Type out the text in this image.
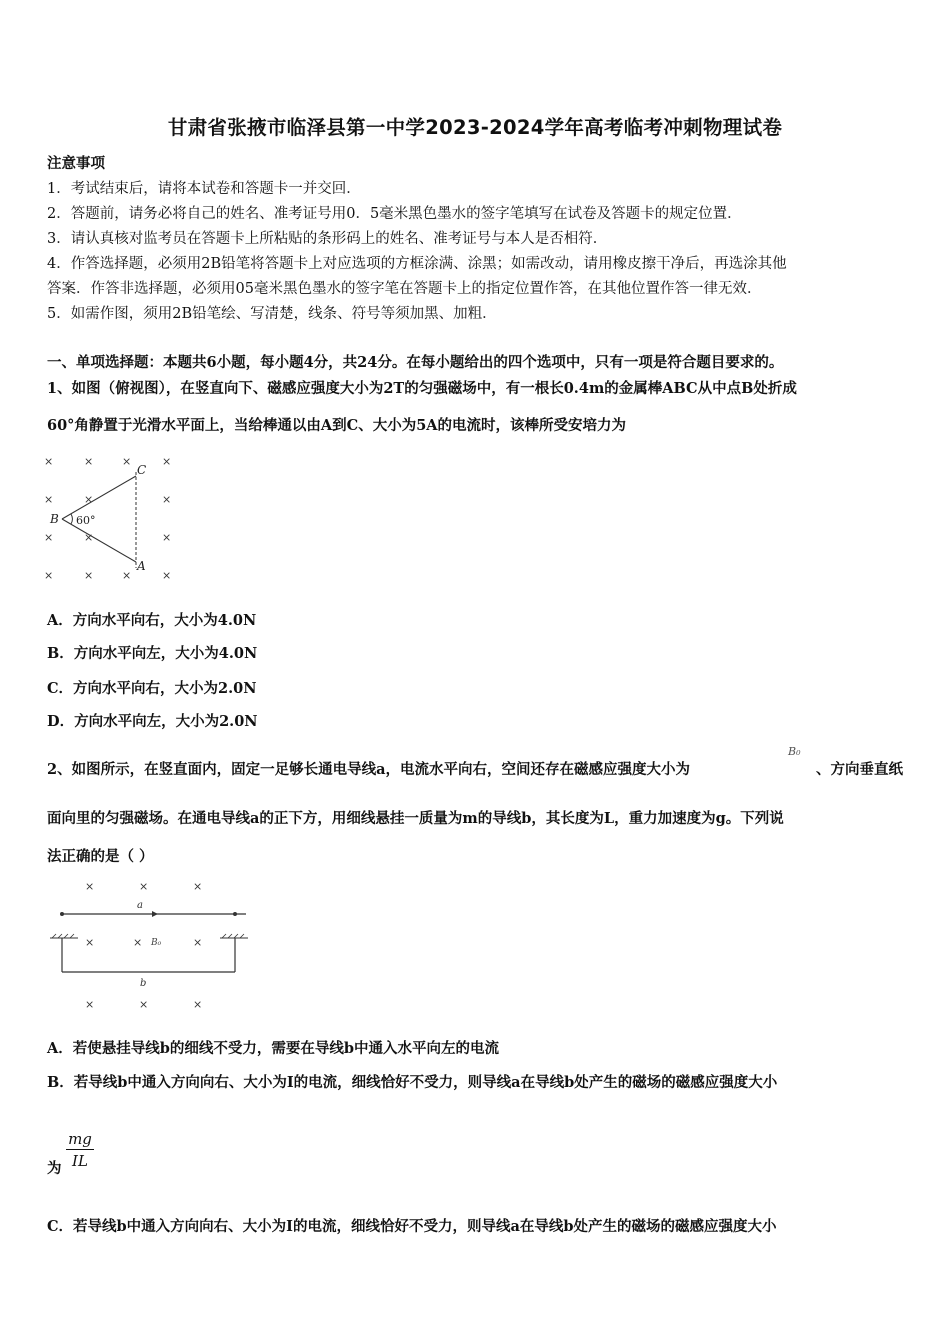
甘肃省张掖市临泽县第一中学2023-2024学年高考临考冲刺物理试卷
注意事项
1．考试结束后，请将本试卷和答题卡一并交回．
2．答题前，请务必将自己的姓名、准考证号用0．5毫米黑色墨水的签字笔填写在试卷及答题卡的规定位置．
3．请认真核对监考员在答题卡上所粘贴的条形码上的姓名、准考证号与本人是否相符．
4．作答选择题，必须用2B铅笔将答题卡上对应选项的方框涂满、涂黑；如需改动，请用橡皮擦干净后，再选涂其他
答案．作答非选择题，必须用05毫米黑色墨水的签字笔在答题卡上的指定位置作答，在其他位置作答一律无效．
5．如需作图，须用2B铅笔绘、写清楚，线条、符号等须加黑、加粗．
一、单项选择题：本题共6小题，每小题4分，共24分。在每小题给出的四个选项中，只有一项是符合题目要求的。
1、如图（俯视图），在竖直向下、磁感应强度大小为2T的匀强磁场中，有一根长0.4m的金属棒ABC从中点B处折成
60°角静置于光滑水平面上，当给棒通以由A到C、大小为5A的电流时，该棒所受安培力为
×	×	×	×
×	×	×
×	×	×
×	×	×	×
C
B
A
60°
A．方向水平向右，大小为4.0N
B．方向水平向左，大小为4.0N
C．方向水平向右，大小为2.0N
D．方向水平向左，大小为2.0N
2、如图所示，在竖直面内，固定一足够长通电导线a，电流水平向右，空间还存在磁感应强度大小为
B₀
、方向垂直纸
面向里的匀强磁场。在通电导线a的正下方，用细线悬挂一质量为m的导线b，其长度为L，重力加速度为g。下列说
法正确的是（ ）
×	×	×
×	×	×
×	×	×
a
B₀
b
A．若使悬挂导线b的细线不受力，需要在导线b中通入水平向左的电流
B．若导线b中通入方向向右、大小为I的电流，细线恰好不受力，则导线a在导线b处产生的磁场的磁感应强度大小
为 $\frac{mg}{IL}$
C．若导线b中通入方向向右、大小为I的电流，细线恰好不受力，则导线a在导线b处产生的磁场的磁感应强度大小
